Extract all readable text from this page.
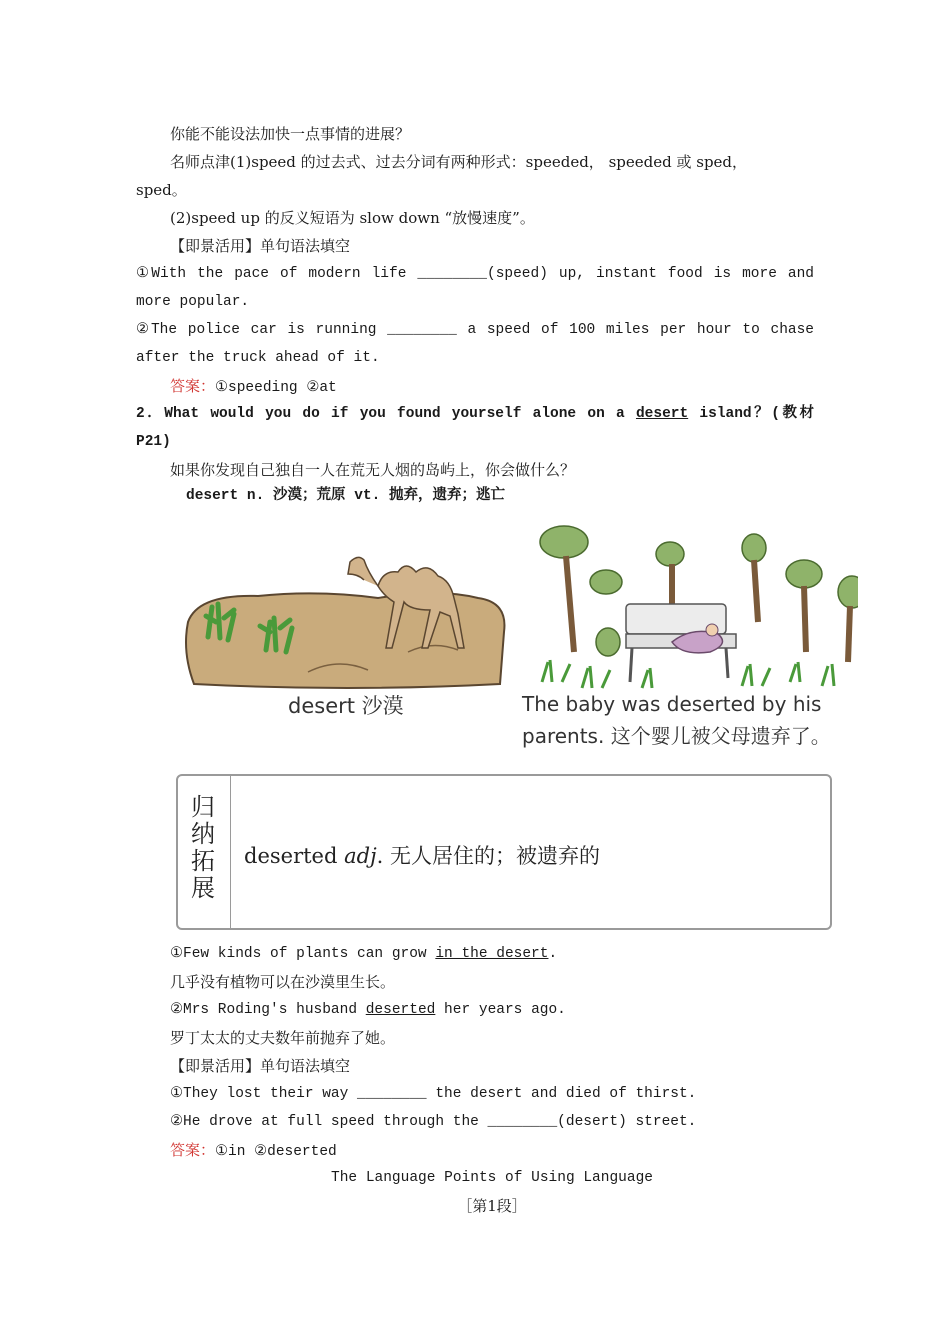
你能不能设法加快一点事情的进展？
名师点津(1)speed 的过去式、过去分词有两种形式：speeded， speeded 或 sped，
sped。
(2)speed up 的反义短语为 slow down “放慢速度”。
【即景活用】单句语法填空
①With the pace of modern life ________(speed) up, instant food is more and
more popular.
②The police car is running ________ a speed of 100 miles per hour to chase
after the truck ahead of it.
答案：①speeding ②at
2．What would you do if you found yourself alone on a desert island？(教材
P21)
如果你发现自己独自一人在荒无人烟的岛屿上，你会做什么？
desert n. 沙漠；荒原 vt. 抛弃，遗弃；逃亡
desert 沙漠	The baby was deserted by his
parents. 这个婴儿被父母遗弃了。
归纳拓展
deserted adj. 无人居住的；被遗弃的
①Few kinds of plants can grow in the desert.
几乎没有植物可以在沙漠里生长。
②Mrs Roding's husband deserted her years ago.
罗丁太太的丈夫数年前抛弃了她。
【即景活用】单句语法填空
①They lost their way ________ the desert and died of thirst.
②He drove at full speed through the ________(desert) street.
答案：①in ②deserted
The Language Points of Using Language
［第1段］
